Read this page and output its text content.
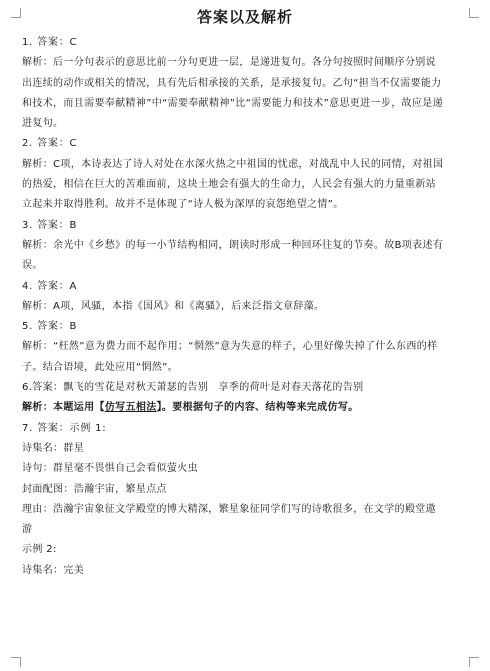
答案以及解析

1. 答案：C

解析：后一分句表示的意思比前一分句更进一层，是递进复句。各分句按照时间顺序分别说出连续的动作或相关的情况，具有先后相承接的关系，是承接复句。乙句“担当不仅需要能力和技术，而且需要奉献精神”中“需要奉献精神”比“需要能力和技术”意思更进一步，故应是递进复句。

2. 答案：C

解析：C项，本诗表达了诗人对处在水深火热之中祖国的忧虑，对战乱中人民的同情，对祖国的热爱，相信在巨大的苦难面前，这块土地会有强大的生命力，人民会有强大的力量重新站立起来并取得胜利。故并不是体现了“诗人极为深厚的哀怨绝望之情”。

3. 答案：B

解析：余光中《乡愁》的每一小节结构相同，朗读时形成一种回环往复的节奏。故B项表述有误。

4. 答案：A

解析：A项，风骚，本指《国风》和《离骚》，后来泛指文章辞藻。

5. 答案：B

解析：“枉然”意为费力而不起作用；“惘然”意为失意的样子，心里好像失掉了什么东西的样子。结合语境，此处应用“惘然”。

6.答案：飘飞的雪花是对秋天萧瑟的告别　享季的荷叶是对春天落花的告别

解析：本题运用【仿写五相法】。要根据句子的内容、结构等来完成仿写。

7. 答案：示例 1:

诗集名：群星

诗句：群星毫不畏惧自己会看似萤火虫

封面配图：浩瀚宇宙，繁星点点

理由：浩瀚宇宙象征文学殿堂的博大精深，繁星象征同学们写的诗歌很多，在文学的殿堂遨游

示例 2:

诗集名：完美
